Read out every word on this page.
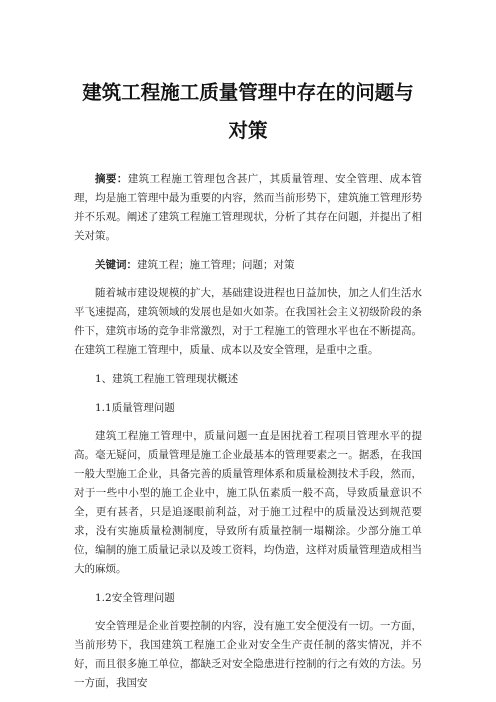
建筑工程施工质量管理中存在的问题与对策
摘要：建筑工程施工管理包含甚广，其质量管理、安全管理、成本管理，均是施工管理中最为重要的内容，然而当前形势下，建筑施工管理形势并不乐观。阐述了建筑工程施工管理现状，分析了其存在问题，并提出了相关对策。
关键词：建筑工程；施工管理；问题；对策
随着城市建设规模的扩大，基础建设进程也日益加快，加之人们生活水平飞速提高，建筑领域的发展也是如火如荼。在我国社会主义初级阶段的条件下，建筑市场的竞争非常激烈，对于工程施工的管理水平也在不断提高。在建筑工程施工管理中，质量、成本以及安全管理，是重中之重。
1、建筑工程施工管理现状概述
1.1质量管理问题
建筑工程施工管理中，质量问题一直是困扰着工程项目管理水平的提高。毫无疑问，质量管理是施工企业最基本的管理要素之一。据悉，在我国一般大型施工企业，具备完善的质量管理体系和质量检测技术手段，然而，对于一些中小型的施工企业中，施工队伍素质一般不高，导致质量意识不全，更有甚者，只是追逐眼前利益，对于施工过程中的质量没达到规范要求，没有实施质量检测制度，导致所有质量控制一塌糊涂。少部分施工单位，编制的施工质量记录以及竣工资料，均伪造，这样对质量管理造成相当大的麻烦。
1.2安全管理问题
安全管理是企业首要控制的内容，没有施工安全便没有一切。一方面，当前形势下，我国建筑工程施工企业对安全生产责任制的落实情况，并不好，而且很多施工单位，都缺乏对安全隐患进行控制的行之有效的方法。另一方面，我国安
